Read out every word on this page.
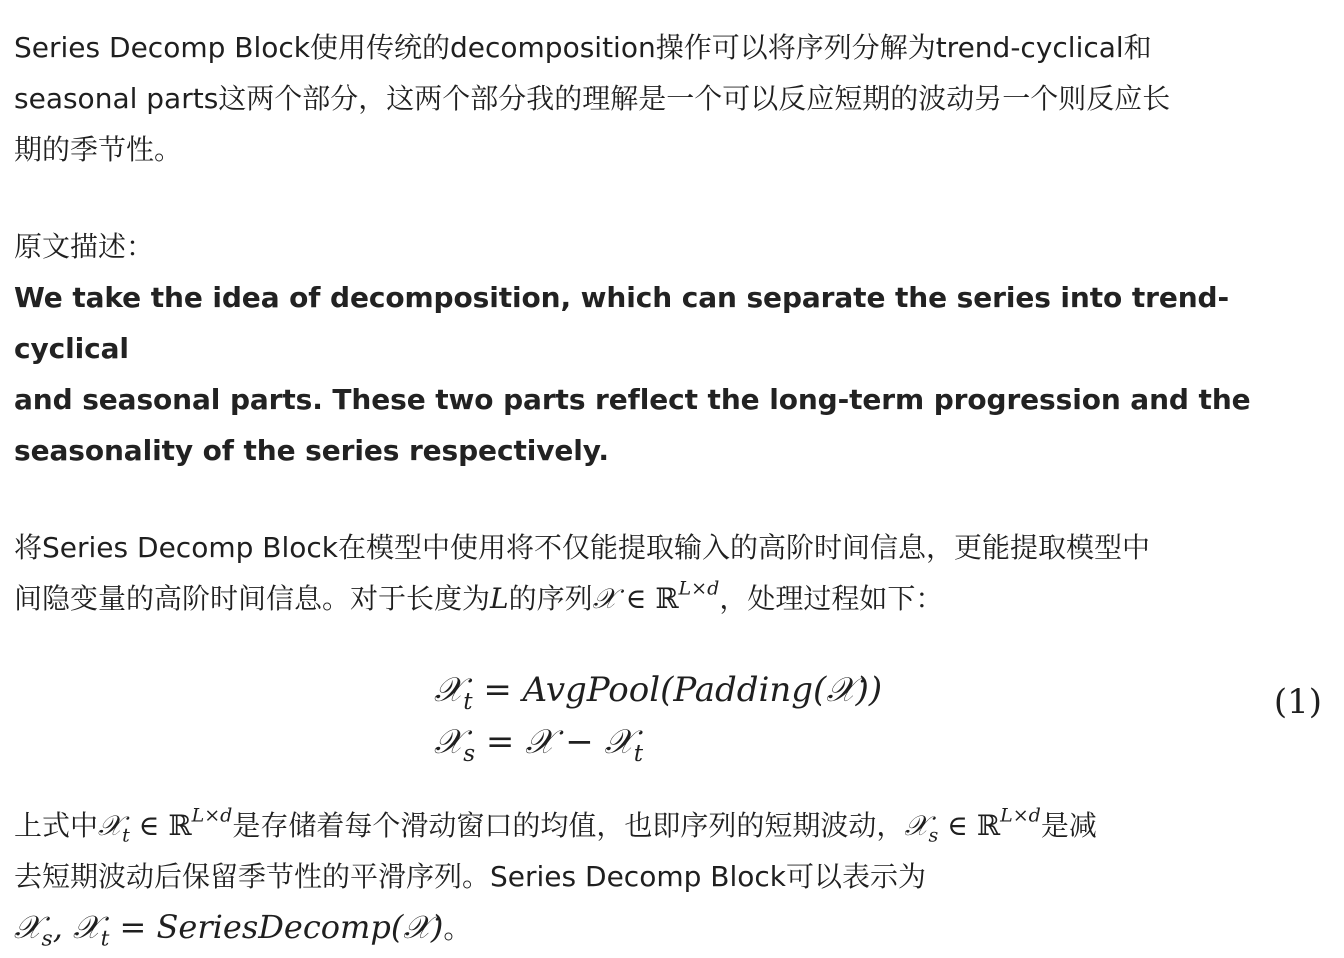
Series Decomp Block使用传统的decomposition操作可以将序列分解为trend-cyclical和
seasonal parts这两个部分，这两个部分我的理解是一个可以反应短期的波动另一个则反应长
期的季节性。

原文描述：
We take the idea of decomposition, which can separate the series into trend-cyclical
and seasonal parts. These two parts reflect the long-term progression and the
seasonality of the series respectively.

将Series Decomp Block在模型中使用将不仅能提取输入的高阶时间信息，更能提取模型中
间隐变量的高阶时间信息。对于长度为L的序列𝒳 ∈ ℝ$^{L\times d}$，处理过程如下：

𝒳$_t$ = AvgPool(Padding(𝒳))
𝒳$_s$ = 𝒳 − 𝒳$_t$
(1)

上式中𝒳$_t$ ∈ ℝ$^{L\times d}$是存储着每个滑动窗口的均值，也即序列的短期波动，𝒳$_s$ ∈ ℝ$^{L\times d}$是减
去短期波动后保留季节性的平滑序列。Series Decomp Block可以表示为
𝒳$_s$, 𝒳$_t$ = SeriesDecomp(𝒳)。
